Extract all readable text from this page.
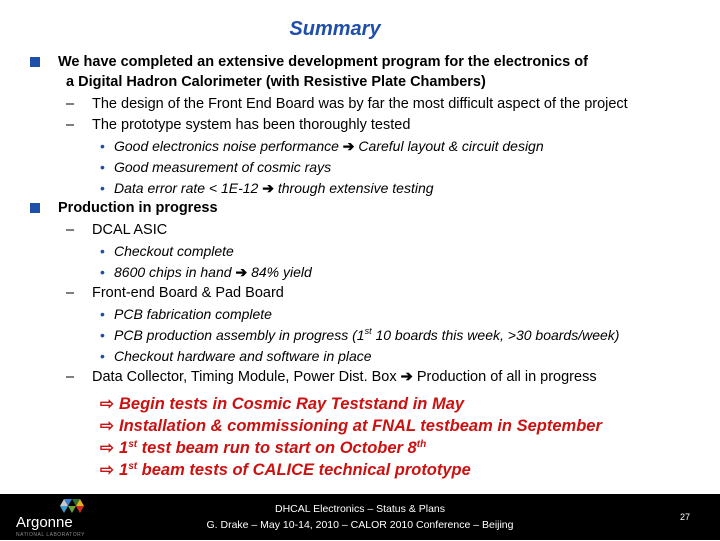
Summary
We have completed an extensive development program for the electronics of
a Digital Hadron Calorimeter (with Resistive Plate Chambers)
– The design of the Front End Board was by far the most difficult aspect of the project
– The prototype system has been thoroughly tested
• Good electronics noise performance ➔ Careful layout & circuit design
• Good measurement of cosmic rays
• Data error rate < 1E-12 ➔ through extensive testing
Production in progress
– DCAL ASIC
• Checkout complete
• 8600 chips in hand ➔ 84% yield
– Front-end Board & Pad Board
• PCB fabrication complete
• PCB production assembly in progress (1st 10 boards this week, >30 boards/week)
• Checkout hardware and software in place
– Data Collector, Timing Module, Power Dist. Box ➔ Production of all in progress
⇨ Begin tests in Cosmic Ray Teststand in May
⇨ Installation & commissioning at FNAL testbeam in September
⇨ 1st test beam run to start on October 8th
⇨ 1st beam tests of CALICE technical prototype
Argonne
NATIONAL LABORATORY
DHCAL Electronics – Status & Plans
G. Drake – May 10-14, 2010 – CALOR 2010 Conference – Beijing
27
